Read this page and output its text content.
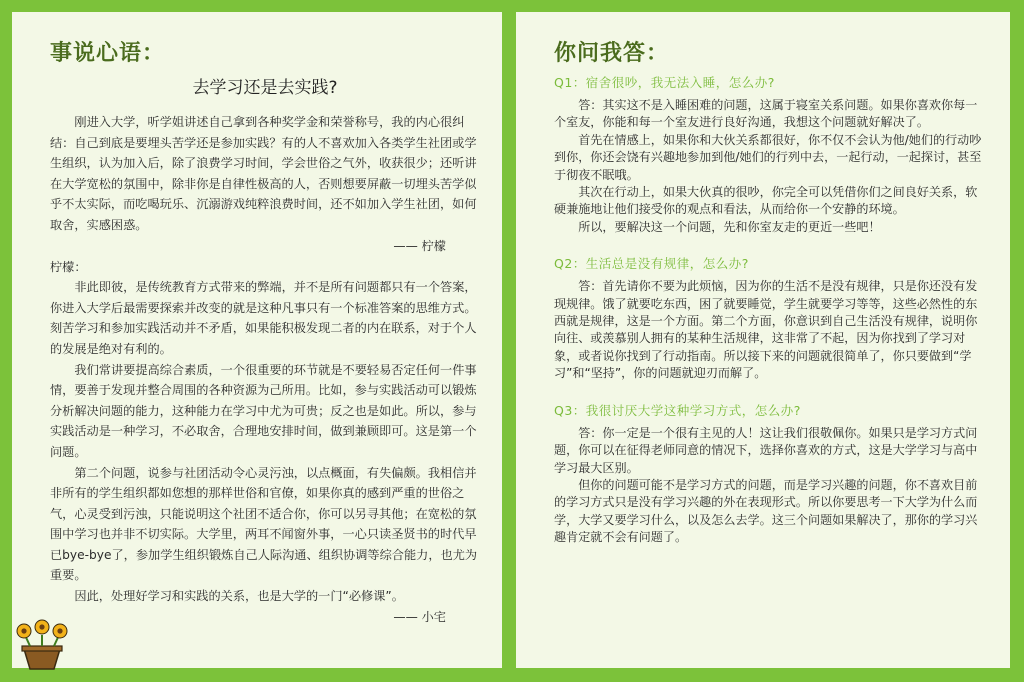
事说心语：
去学习还是去实践?

刚进入大学，听学姐讲述自己拿到各种奖学金和荣誉称号，我的内心很纠结：自己到底是要埋头苦学还是参加实践？有的人不喜欢加入各类学生社团或学生组织，认为加入后，除了浪费学习时间，学会世俗之气外，收获很少；还听讲在大学宽松的氛围中，除非你是自律性极高的人，否则想要屏蔽一切埋头苦学似乎不太实际，而吃喝玩乐、沉溺游戏纯粹浪费时间，还不如加入学生社团，如何取舍，实感困惑。

—— 柠檬

柠檬：

非此即彼，是传统教育方式带来的弊端，并不是所有问题都只有一个答案，你进入大学后最需要探索并改变的就是这种凡事只有一个标准答案的思维方式。刻苦学习和参加实践活动并不矛盾，如果能积极发现二者的内在联系，对于个人的发展是绝对有利的。

我们常讲要提高综合素质，一个很重要的环节就是不要轻易否定任何一件事情，要善于发现并整合周围的各种资源为己所用。比如，参与实践活动可以锻炼分析解决问题的能力，这种能力在学习中尤为可贵；反之也是如此。所以，参与实践活动是一种学习，不必取舍，合理地安排时间，做到兼顾即可。这是第一个问题。

第二个问题，说参与社团活动令心灵污浊，以点概面，有失偏颇。我相信并非所有的学生组织都如您想的那样世俗和官僚，如果你真的感到严重的世俗之气，心灵受到污浊，只能说明这个社团不适合你，你可以另寻其他；在宽松的氛围中学习也并非不切实际。大学里，两耳不闻窗外事，一心只读圣贤书的时代早已bye-bye了，参加学生组织锻炼自己人际沟通、组织协调等综合能力，也尤为重要。

因此，处理好学习和实践的关系，也是大学的一门“必修课”。

—— 小宅

你问我答：
Q1：宿舍很吵，我无法入睡，怎么办?

答：其实这不是入睡困难的问题，这属于寝室关系问题。如果你喜欢你每一个室友，你能和每一个室友进行良好沟通，我想这个问题就好解决了。

首先在情感上，如果你和大伙关系都很好，你不仅不会认为他/她们的行动吵到你，你还会饶有兴趣地参加到他/她们的行列中去，一起行动，一起探讨，甚至于彻夜不眠哦。

其次在行动上，如果大伙真的很吵，你完全可以凭借你们之间良好关系，软硬兼施地让他们接受你的观点和看法，从而给你一个安静的环境。

所以，要解决这一个问题，先和你室友走的更近一些吧！

Q2：生活总是没有规律，怎么办?

答：首先请你不要为此烦恼，因为你的生活不是没有规律，只是你还没有发现规律。饿了就要吃东西，困了就要睡觉，学生就要学习等等，这些必然性的东西就是规律，这是一个方面。第二个方面，你意识到自己生活没有规律，说明你向往、或羡慕别人拥有的某种生活规律，这非常了不起，因为你找到了学习对象，或者说你找到了行动指南。所以接下来的问题就很简单了，你只要做到“学习”和“坚持”，你的问题就迎刃而解了。

Q3：我很讨厌大学这种学习方式，怎么办?

答：你一定是一个很有主见的人！这让我们很敬佩你。如果只是学习方式问题，你可以在征得老师同意的情况下，选择你喜欢的方式，这是大学学习与高中学习最大区别。

但你的问题可能不是学习方式的问题，而是学习兴趣的问题，你不喜欢目前的学习方式只是没有学习兴趣的外在表现形式。所以你要思考一下大学为什么而学，大学又要学习什么，以及怎么去学。这三个问题如果解决了，那你的学习兴趣肯定就不会有问题了。
